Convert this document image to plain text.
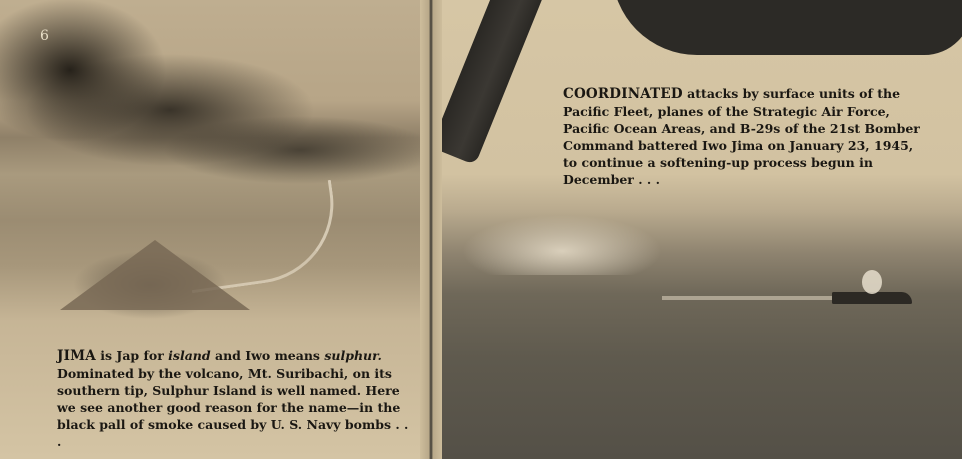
6
JIMA is Jap for island and Iwo means sulphur. Dominated by the volcano, Mt. Suribachi, on its southern tip, Sulphur Island is well named. Here we see another good reason for the name—in the black pall of smoke caused by U. S. Navy bombs . . .
COORDINATED attacks by surface units of the Pacific Fleet, planes of the Strategic Air Force, Pacific Ocean Areas, and B-29s of the 21st Bomber Command battered Iwo Jima on January 23, 1945, to continue a softening-up process begun in December . . .
